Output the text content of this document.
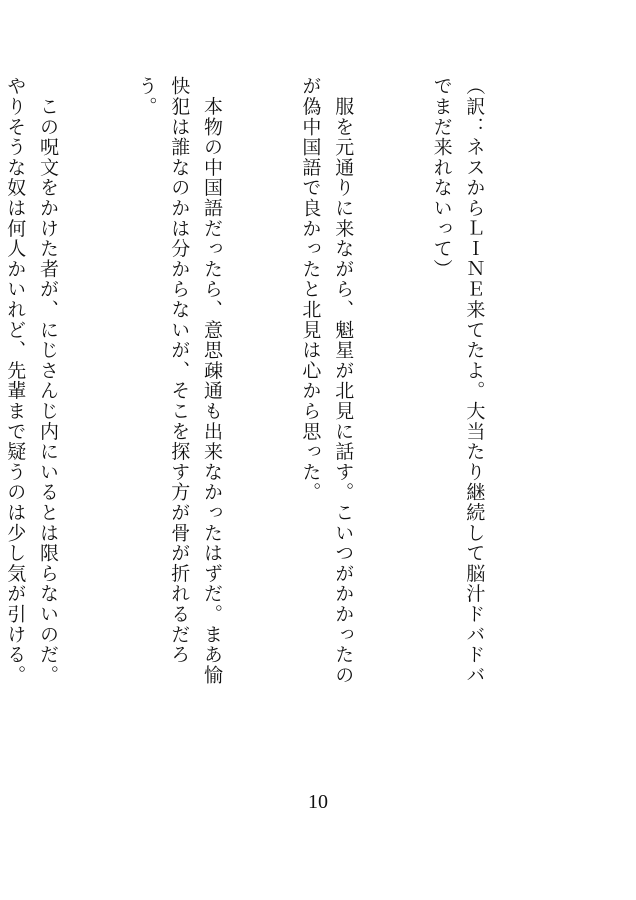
（訳：ネスからＬＩＮＥ来てたよ。大当たり継続して脳汁ドバドバでまだ来れないって）

　服を元通りに来ながら、魁星が北見に話す。こいつがかかったのが偽中国語で良かったと北見は心から思った。

　本物の中国語だったら、意思疎通も出来なかったはずだ。まあ愉快犯は誰なのかは分からないが、そこを探す方が骨が折れるだろう。

　この呪文をかけた者が、にじさんじ内にいるとは限らないのだ。やりそうな奴は何人かいれど、先輩まで疑うのは少し気が引ける。

10
